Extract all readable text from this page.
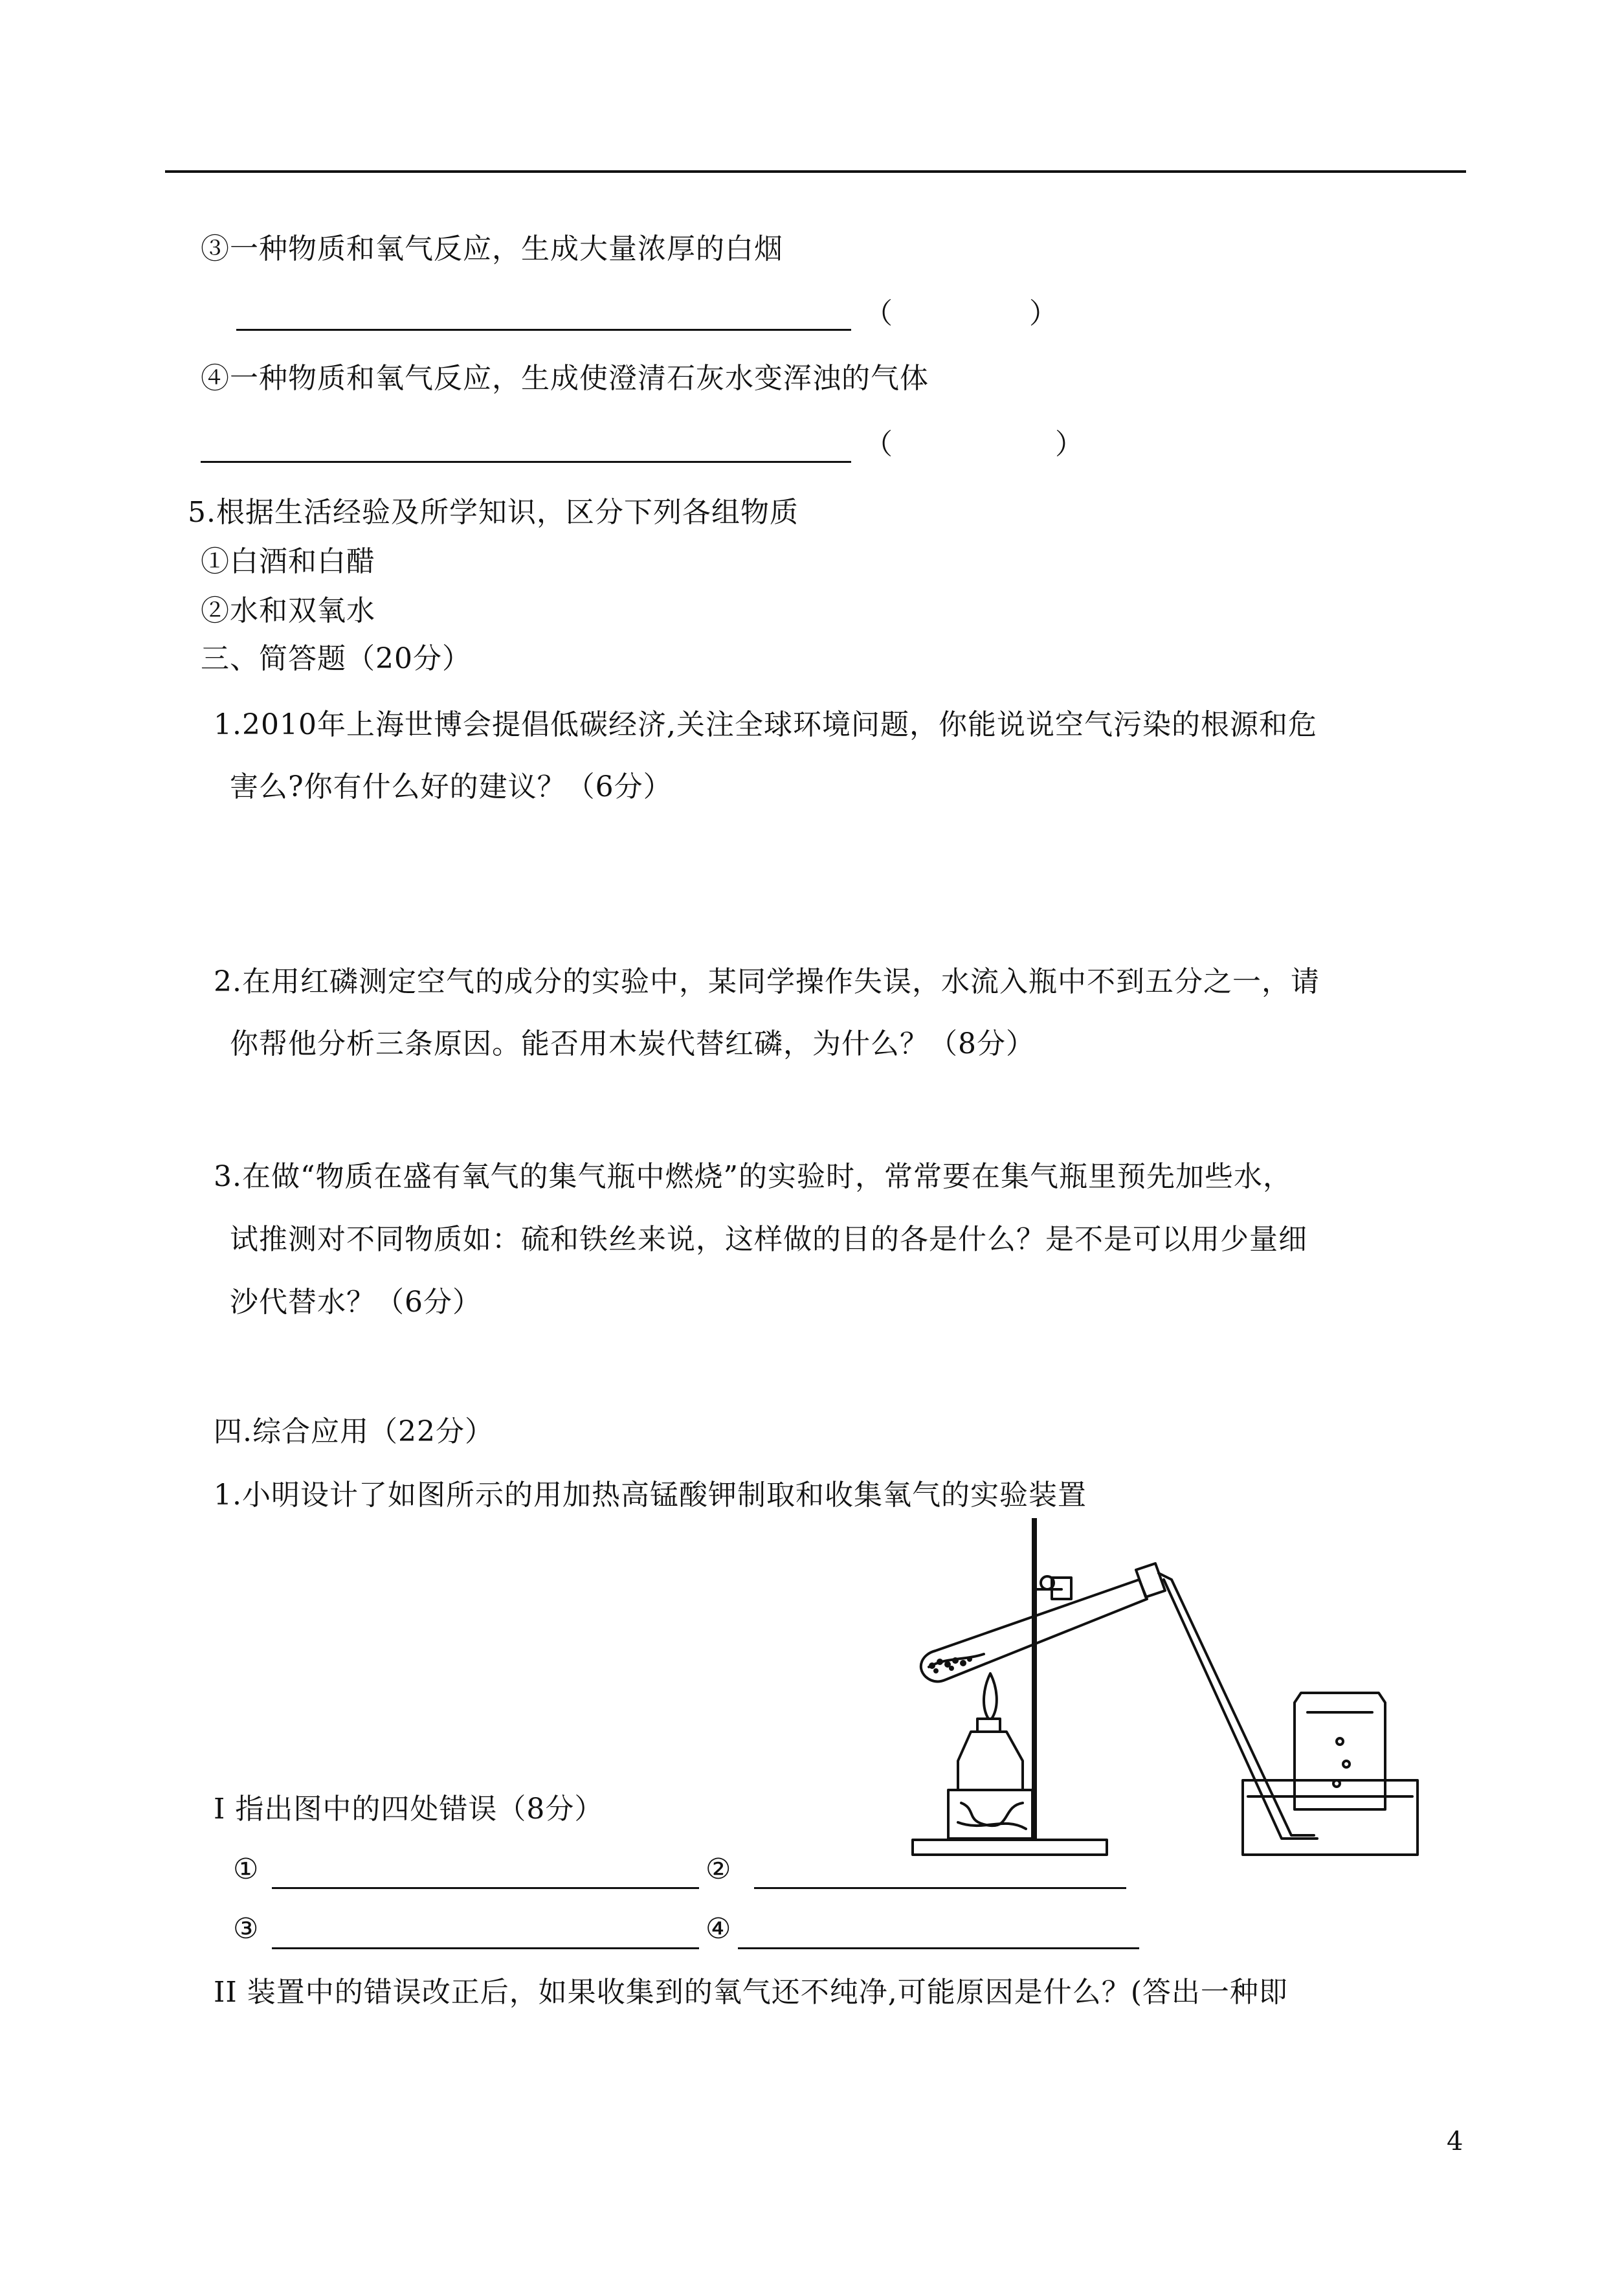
③一种物质和氧气反应，生成大量浓厚的白烟
（	）
④一种物质和氧气反应，生成使澄清石灰水变浑浊的气体
（	）
5.根据生活经验及所学知识，区分下列各组物质
①白酒和白醋
②水和双氧水
三、简答题（20分）
1.2010年上海世博会提倡低碳经济,关注全球环境问题，你能说说空气污染的根源和危
害么?你有什么好的建议？（6分）
2.在用红磷测定空气的成分的实验中，某同学操作失误，水流入瓶中不到五分之一，请
你帮他分析三条原因。能否用木炭代替红磷，为什么？（8分）
3.在做“物质在盛有氧气的集气瓶中燃烧”的实验时，常常要在集气瓶里预先加些水，
试推测对不同物质如：硫和铁丝来说，这样做的目的各是什么？是不是可以用少量细
沙代替水？（6分）
四.综合应用（22分）
1.小明设计了如图所示的用加热高锰酸钾制取和收集氧气的实验装置
I 指出图中的四处错误（8分）
①	②
③	④
II 装置中的错误改正后，如果收集到的氧气还不纯净,可能原因是什么？(答出一种即
4
